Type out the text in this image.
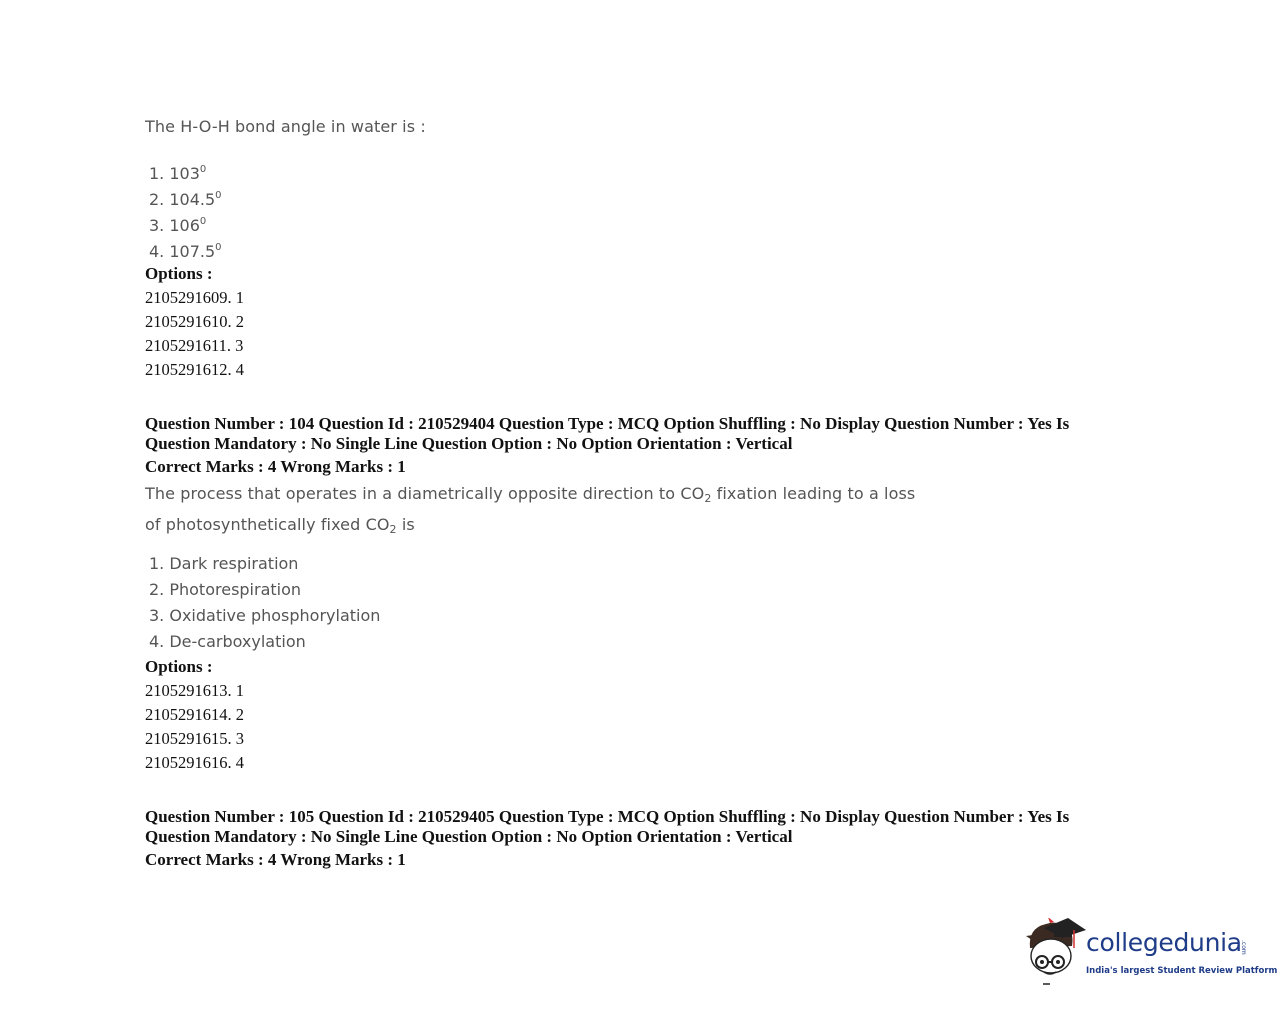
The H-O-H bond angle in water is :
1. $103^0$
2. 104.5$^0$
3. $106^0$
4. 107.5$^0$
Options :
2105291609. 1
2105291610. 2
2105291611. 3
2105291612. 4
Question Number : 104 Question Id : 210529404 Question Type : MCQ Option Shuffling : No Display Question Number : Yes Is
Question Mandatory : No Single Line Question Option : No Option Orientation : Vertical
Correct Marks : 4 Wrong Marks : 1
The process that operates in a diametrically opposite direction to $CO_2$ fixation leading to a loss
of photosynthetically fixed $CO_2$ is
1. Dark respiration
2. Photorespiration
3. Oxidative phosphorylation
4. De-carboxylation
Options :
2105291613. 1
2105291614. 2
2105291615. 3
2105291616. 4
Question Number : 105 Question Id : 210529405 Question Type : MCQ Option Shuffling : No Display Question Number : Yes Is
Question Mandatory : No Single Line Question Option : No Option Orientation : Vertical
Correct Marks : 4 Wrong Marks : 1
collegedunia
.com
India's largest Student Review Platform
